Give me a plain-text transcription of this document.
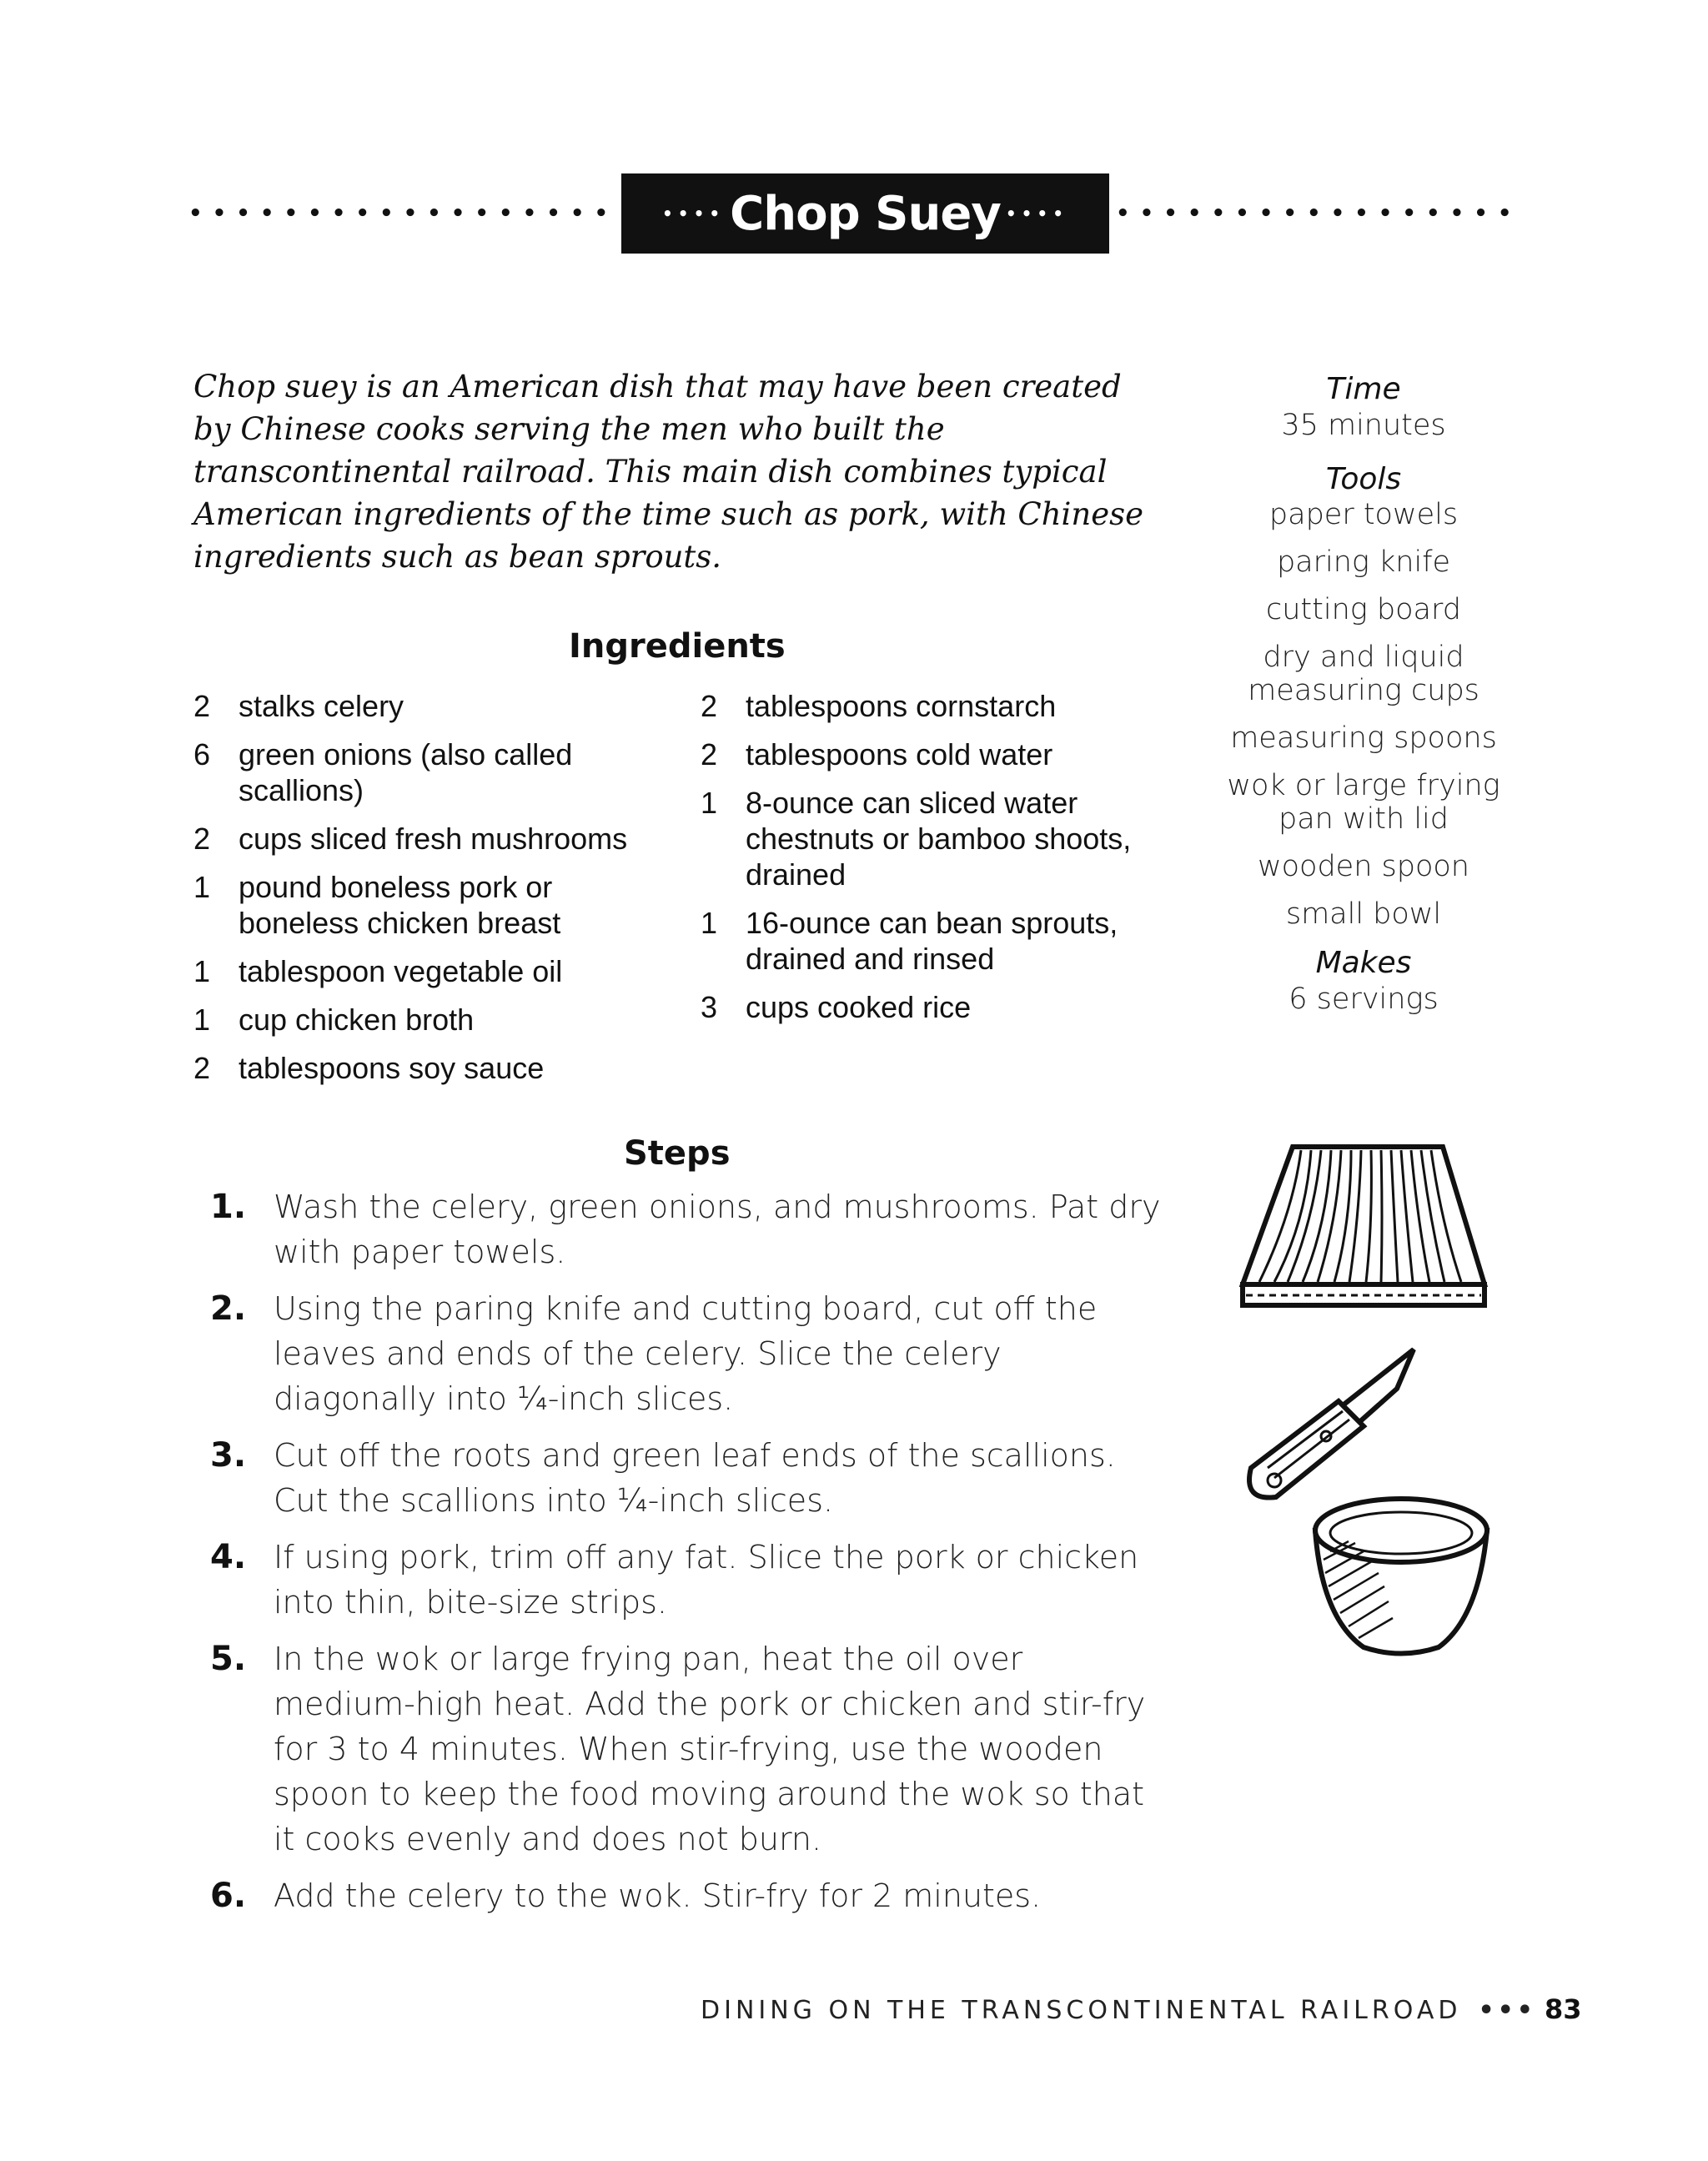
••••••••••••••••••	•••• Chop Suey •••• •••••••••••••••••
Chop suey is an American dish that may have been created by Chinese cooks serving the men who built the transcontinental railroad. This main dish combines typical American ingredients of the time such as pork, with Chinese ingredients such as bean sprouts.
Time
35 minutes
Tools
paper towels
paring knife
cutting board
dry and liquid measuring cups
measuring spoons
wok or large frying pan with lid
wooden spoon
small bowl
Makes
6 servings
Ingredients
2 stalks celery
6 green onions (also called scallions)
2 cups sliced fresh mushrooms
1 pound boneless pork or boneless chicken breast
1 tablespoon vegetable oil
1 cup chicken broth
2 tablespoons soy sauce
2 tablespoons cornstarch
2 tablespoons cold water
1 8-ounce can sliced water chestnuts or bamboo shoots, drained
1 16-ounce can bean sprouts, drained and rinsed
3 cups cooked rice
Steps
1. Wash the celery, green onions, and mushrooms. Pat dry with paper towels.
2. Using the paring knife and cutting board, cut off the leaves and ends of the celery. Slice the celery diagonally into ¼-inch slices.
3. Cut off the roots and green leaf ends of the scallions. Cut the scallions into ¼-inch slices.
4. If using pork, trim off any fat. Slice the pork or chicken into thin, bite-size strips.
5. In the wok or large frying pan, heat the oil over medium-high heat. Add the pork or chicken and stir-fry for 3 to 4 minutes. When stir-frying, use the wooden spoon to keep the food moving around the wok so that it cooks evenly and does not burn.
6. Add the celery to the wok. Stir-fry for 2 minutes.
DINING ON THE TRANSCONTINENTAL RAILROAD ••• 83
